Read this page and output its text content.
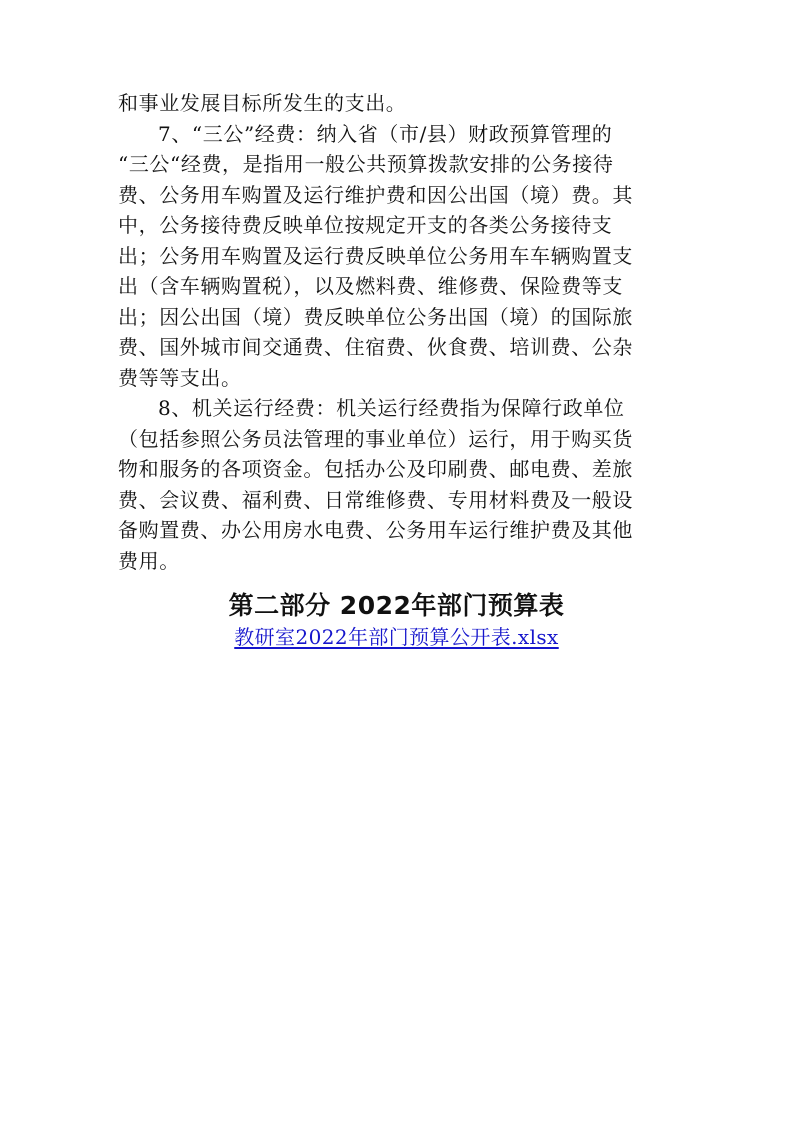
和事业发展目标所发生的支出。
7、“三公”经费：纳入省（市/县）财政预算管理的
“三公“经费，是指用一般公共预算拨款安排的公务接待
费、公务用车购置及运行维护费和因公出国（境）费。其
中，公务接待费反映单位按规定开支的各类公务接待支
出；公务用车购置及运行费反映单位公务用车车辆购置支
出（含车辆购置税），以及燃料费、维修费、保险费等支
出；因公出国（境）费反映单位公务出国（境）的国际旅
费、国外城市间交通费、住宿费、伙食费、培训费、公杂
费等等支出。
8、机关运行经费：机关运行经费指为保障行政单位
（包括参照公务员法管理的事业单位）运行，用于购买货
物和服务的各项资金。包括办公及印刷费、邮电费、差旅
费、会议费、福利费、日常维修费、专用材料费及一般设
备购置费、办公用房水电费、公务用车运行维护费及其他
费用。
第二部分 2022年部门预算表
教研室2022年部门预算公开表.xlsx
